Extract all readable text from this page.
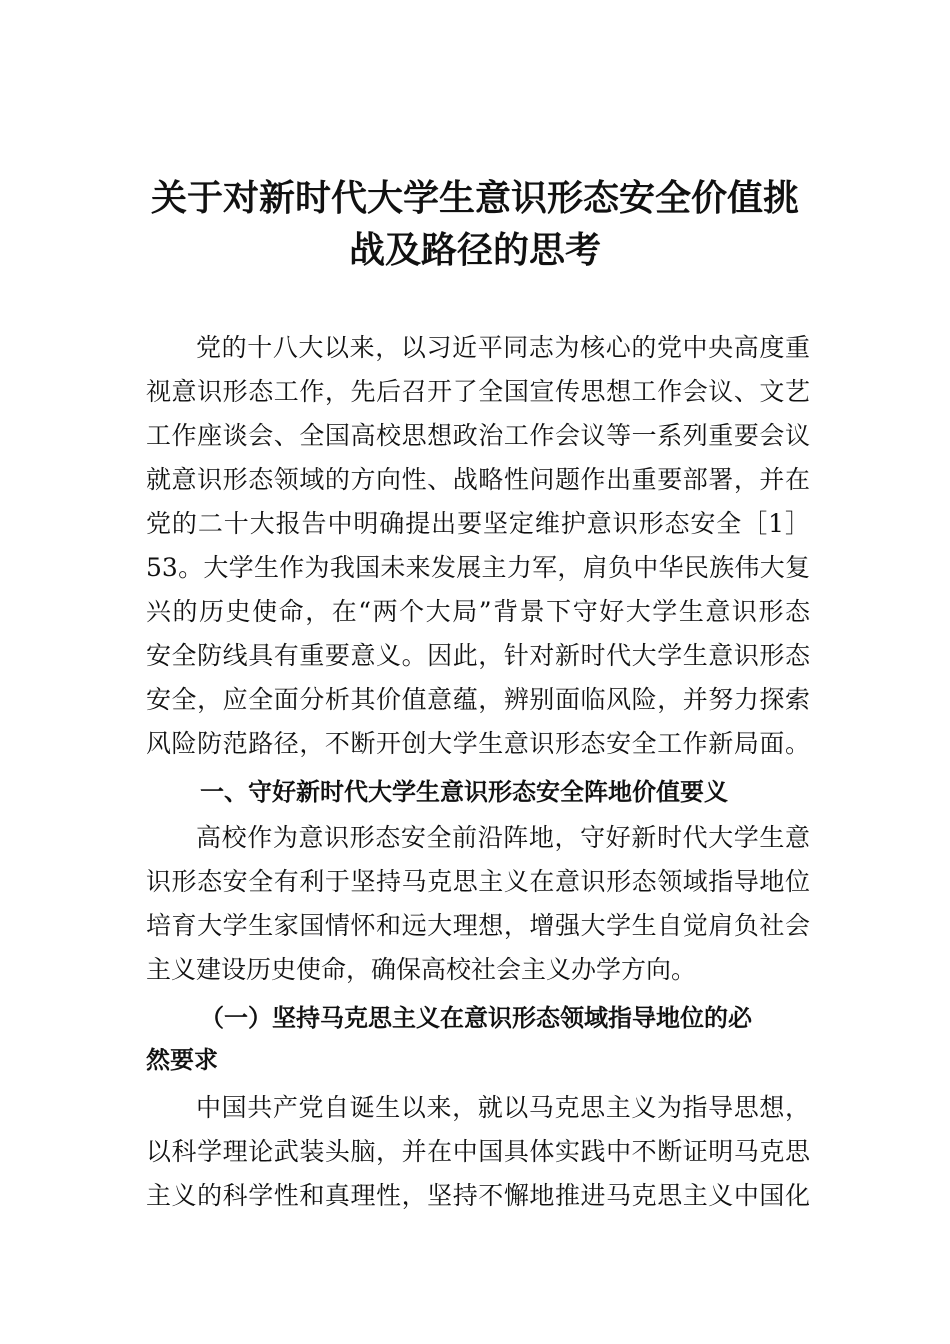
关于对新时代大学生意识形态安全价值挑
战及路径的思考

党的十八大以来，以习近平同志为核心的党中央高度重

视意识形态工作，先后召开了全国宣传思想工作会议、文艺

工作座谈会、全国高校思想政治工作会议等一系列重要会议

就意识形态领域的方向性、战略性问题作出重要部署，并在

党的二十大报告中明确提出要坚定维护意识形态安全［1］

53。大学生作为我国未来发展主力军，肩负中华民族伟大复

兴的历史使命，在“两个大局”背景下守好大学生意识形态

安全防线具有重要意义。因此，针对新时代大学生意识形态

安全，应全面分析其价值意蕴，辨别面临风险，并努力探索

风险防范路径，不断开创大学生意识形态安全工作新局面。

一、守好新时代大学生意识形态安全阵地价值要义

高校作为意识形态安全前沿阵地，守好新时代大学生意

识形态安全有利于坚持马克思主义在意识形态领域指导地位

培育大学生家国情怀和远大理想，增强大学生自觉肩负社会

主义建设历史使命，确保高校社会主义办学方向。

（一）坚持马克思主义在意识形态领域指导地位的必
然要求

中国共产党自诞生以来，就以马克思主义为指导思想，

以科学理论武装头脑，并在中国具体实践中不断证明马克思

主义的科学性和真理性，坚持不懈地推进马克思主义中国化
